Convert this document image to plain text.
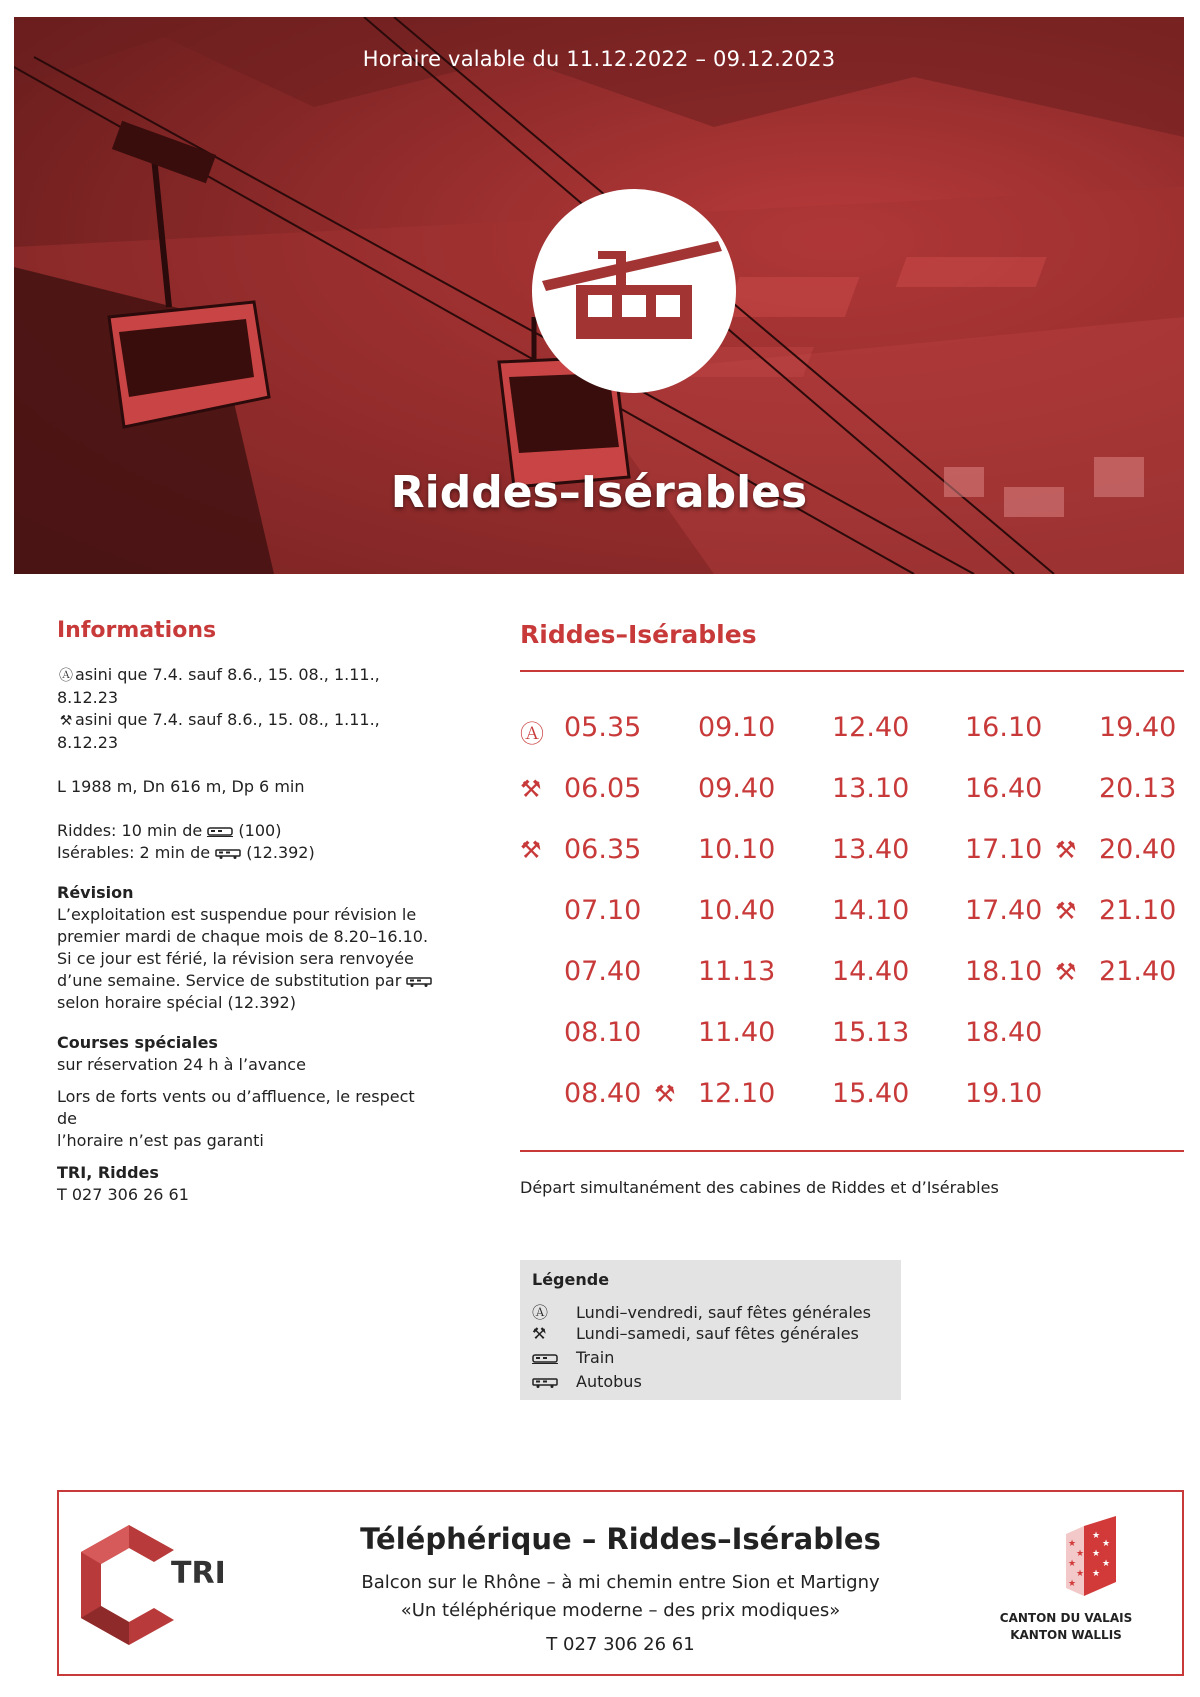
Horaire valable du 11.12.2022 – 09.12.2023
Riddes–Isérables
Informations

Ⓐ asini que 7.4. sauf 8.6., 15. 08., 1.11., 8.12.23

⚒ asini que 7.4. sauf 8.6., 15. 08., 1.11., 8.12.23

L 1988 m, Dn 616 m, Dp 6 min

Riddes: 10 min de (100)

Isérables: 2 min de (12.392)

Révision

L’exploitation est suspendue pour révision le

premier mardi de chaque mois de 8.20–16.10.

Si ce jour est férié, la révision sera renvoyée

d’une semaine. Service de substitution par

selon horaire spécial (12.392)

Courses spéciales

sur réservation 24 h à l’avance

Lors de forts vents ou d’affluence, le respect de

l’horaire n’est pas garanti

TRI, Riddes

T 027 306 26 61

Riddes–Isérables
Ⓐ 05.35 09.10 12.40 16.10 19.40
⚒ 06.05 09.40 13.10 16.40 20.13
⚒ 06.35 10.10 13.40 17.10 ⚒ 20.40
07.10 10.40 14.10 17.40 ⚒ 21.10
07.40 11.13 14.40 18.10 ⚒ 21.40
08.10 11.40 15.13 18.40
08.40 ⚒ 12.10 15.40 19.10
Départ simultanément des cabines de Riddes et d’Isérables
Légende
Ⓐ Lundi–vendredi, sauf fêtes générales
⚒ Lundi–samedi, sauf fêtes générales
Train
Autobus
TRI
Téléphérique – Riddes–Isérables
Balcon sur le Rhône – à mi chemin entre Sion et Martigny
«Un téléphérique moderne – des prix modiques»
T 027 306 26 61
★
★
★
★
★
★
★
★
★
★
CANTON DU VALAIS
KANTON WALLIS
